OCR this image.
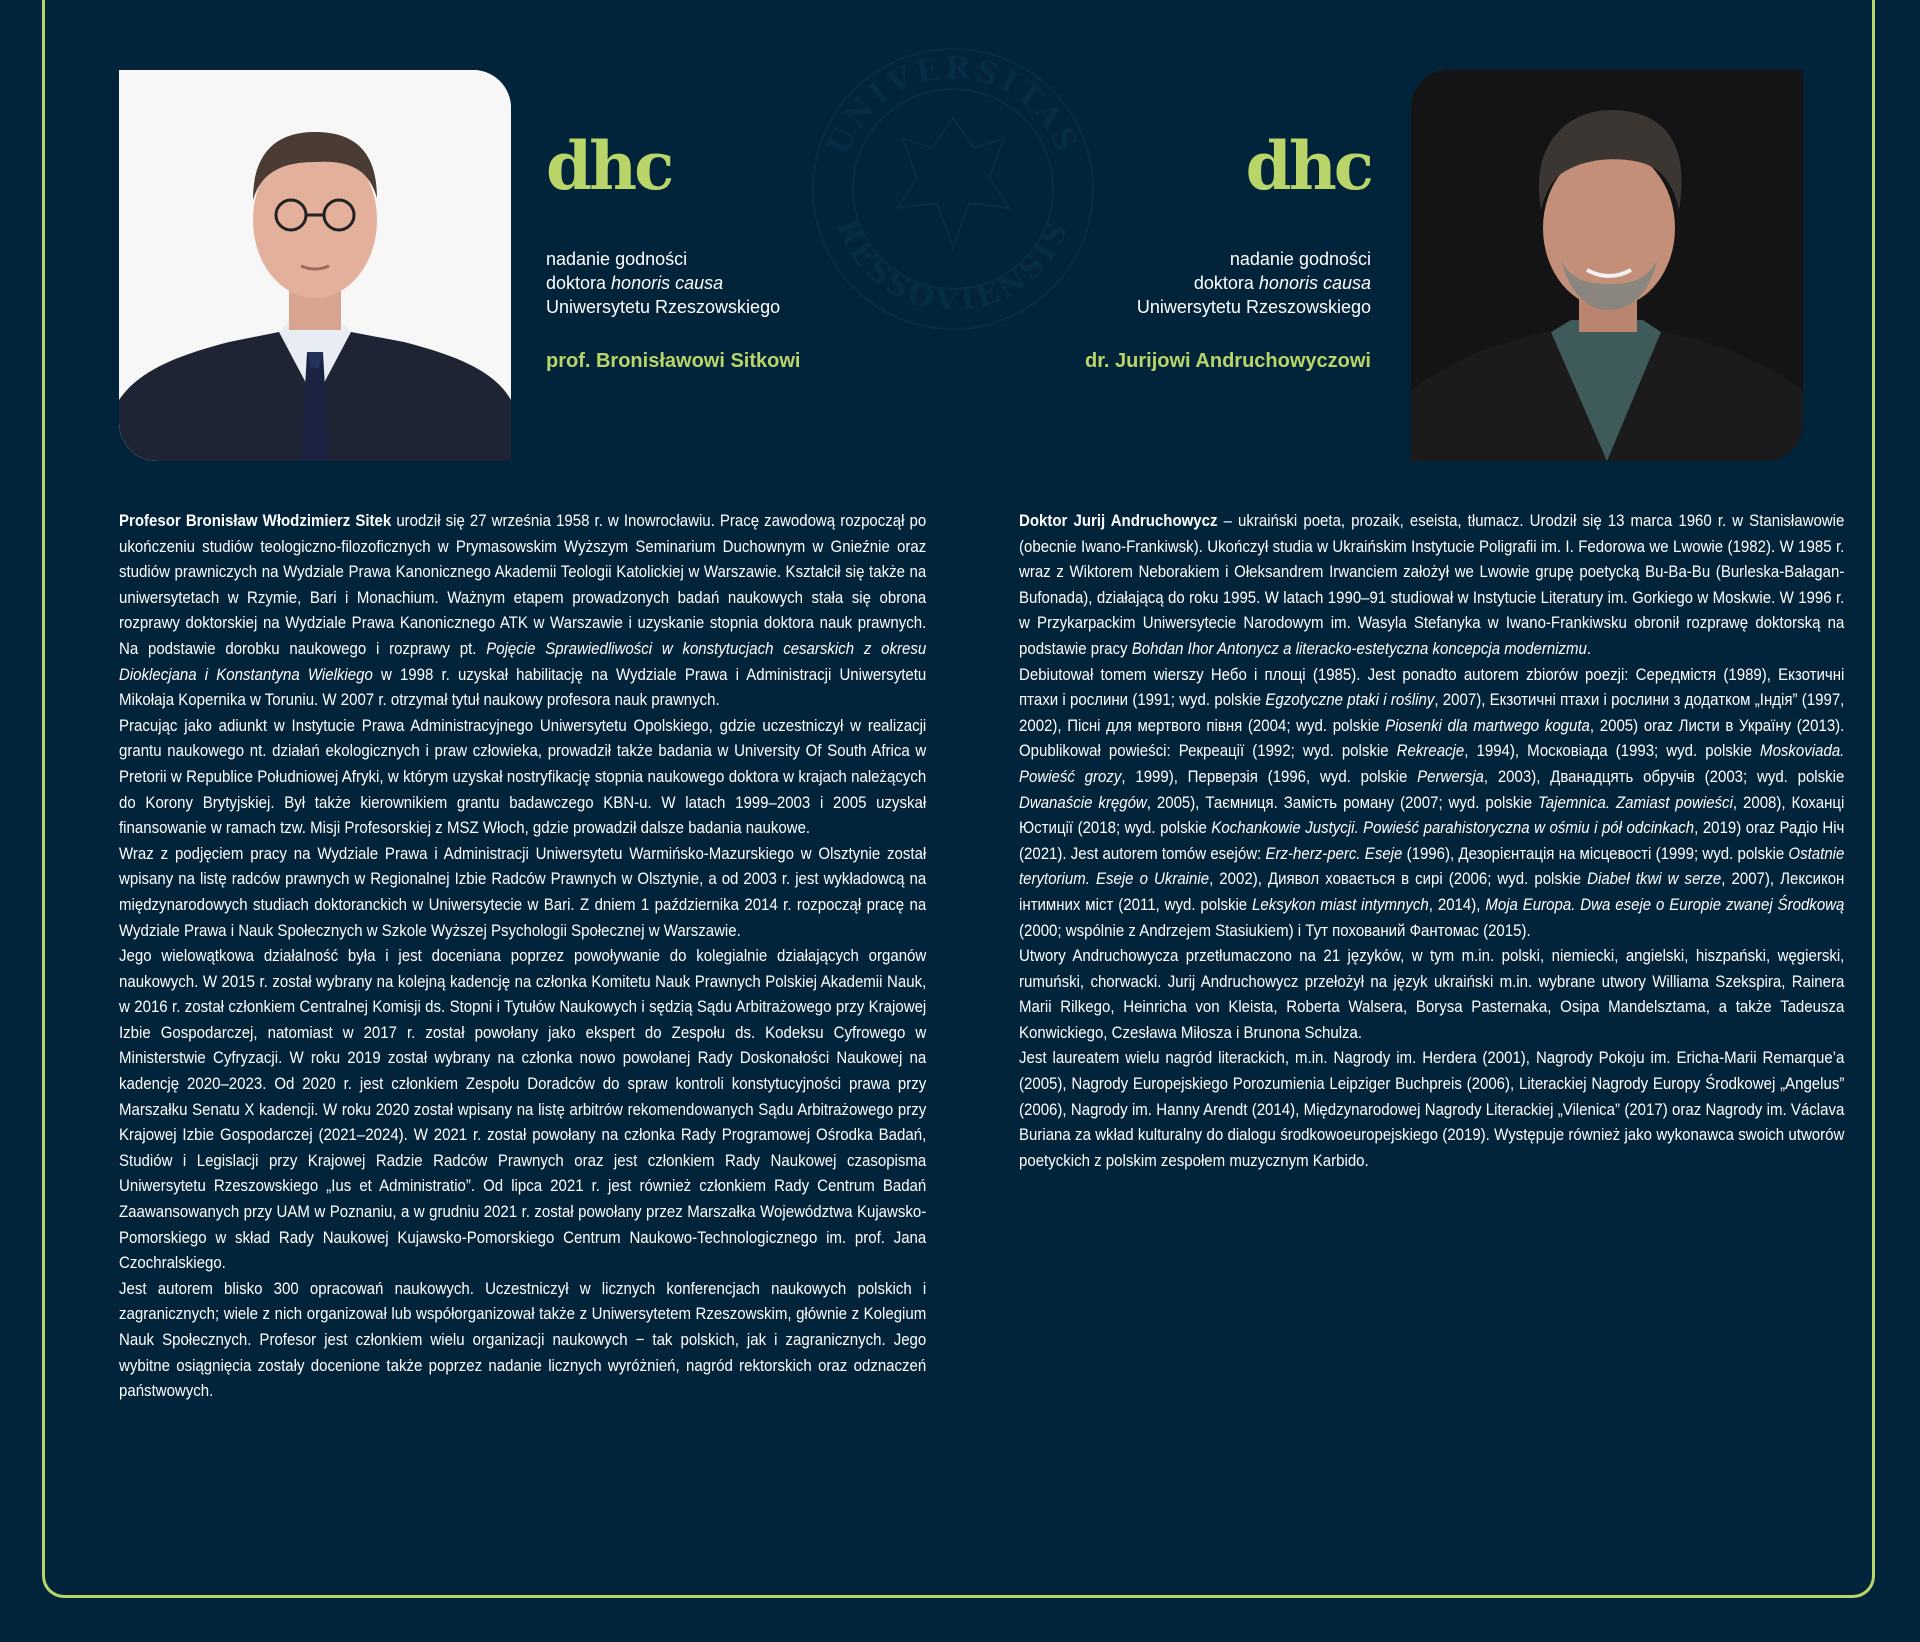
UNIVERSITAS
RESSOVIENSIS
dhc
nadanie godności
doktora honoris causa
Uniwersytetu Rzeszowskiego
prof. Bronisławowi Sitkowi
dhc
nadanie godności
doktora honoris causa
Uniwersytetu Rzeszowskiego
dr. Jurijowi Andruchowyczowi

Profesor Bronisław Włodzimierz Sitek urodził się 27 września 1958 r. w Inowrocławiu. Pracę zawodową rozpoczął po ukończeniu studiów teologiczno-filozoficznych w Prymasowskim Wyższym Seminarium Duchownym w Gnieźnie oraz studiów prawniczych na Wydziale Prawa Kanonicznego Akademii Teologii Katolickiej w Warszawie. Kształcił się także na uniwersytetach w Rzymie, Bari i Monachium. Ważnym etapem prowadzonych badań naukowych stała się obrona rozprawy doktorskiej na Wydziale Prawa Kanonicznego ATK w Warszawie i uzyskanie stopnia doktora nauk prawnych. Na podstawie dorobku naukowego i rozprawy pt. Pojęcie Sprawiedliwości w konstytucjach cesarskich z okresu Dioklecjana i Konstantyna Wielkiego w 1998 r. uzyskał habilitację na Wydziale Prawa i Administracji Uniwersytetu Mikołaja Kopernika w Toruniu. W 2007 r. otrzymał tytuł naukowy profesora nauk prawnych.

Pracując jako adiunkt w Instytucie Prawa Administracyjnego Uniwersytetu Opolskiego, gdzie uczestniczył w realizacji grantu naukowego nt. działań ekologicznych i praw człowieka, prowadził także badania w University Of South Africa w Pretorii w Republice Południowej Afryki, w którym uzyskał nostryfikację stopnia naukowego doktora w krajach należących do Korony Brytyjskiej. Był także kierownikiem grantu badawczego KBN-u. W latach 1999–2003 i 2005 uzyskał finansowanie w ramach tzw. Misji Profesorskiej z MSZ Włoch, gdzie prowadził dalsze badania naukowe.

Wraz z podjęciem pracy na Wydziale Prawa i Administracji Uniwersytetu Warmińsko-Mazurskiego w Olsztynie został wpisany na listę radców prawnych w Regionalnej Izbie Radców Prawnych w Olsztynie, a od 2003 r. jest wykładowcą na międzynarodowych studiach doktoranckich w Uniwersytecie w Bari. Z dniem 1 października 2014 r. rozpoczął pracę na Wydziale Prawa i Nauk Społecznych w Szkole Wyższej Psychologii Społecznej w Warszawie.

Jego wielowątkowa działalność była i jest doceniana poprzez powoływanie do kolegialnie działających organów naukowych. W 2015 r. został wybrany na kolejną kadencję na członka Komitetu Nauk Prawnych Polskiej Akademii Nauk, w 2016 r. został członkiem Centralnej Komisji ds. Stopni i Tytułów Naukowych i sędzią Sądu Arbitrażowego przy Krajowej Izbie Gospodarczej, natomiast w 2017 r. został powołany jako ekspert do Zespołu ds. Kodeksu Cyfrowego w Ministerstwie Cyfryzacji. W roku 2019 został wybrany na członka nowo powołanej Rady Doskonałości Naukowej na kadencję 2020–2023. Od 2020 r. jest członkiem Zespołu Doradców do spraw kontroli konstytucyjności prawa przy Marszałku Senatu X kadencji. W roku 2020 został wpisany na listę arbitrów rekomendowanych Sądu Arbitrażowego przy Krajowej Izbie Gospodarczej (2021–2024). W 2021 r. został powołany na członka Rady Programowej Ośrodka Badań, Studiów i Legislacji przy Krajowej Radzie Radców Prawnych oraz jest członkiem Rady Naukowej czasopisma Uniwersytetu Rzeszowskiego „Ius et Administratio”. Od lipca 2021 r. jest również członkiem Rady Centrum Badań Zaawansowanych przy UAM w Poznaniu, a w grudniu 2021 r. został powołany przez Marszałka Województwa Kujawsko-Pomorskiego w skład Rady Naukowej Kujawsko-Pomorskiego Centrum Naukowo-Technologicznego im. prof. Jana Czochralskiego.

Jest autorem blisko 300 opracowań naukowych. Uczestniczył w licznych konferencjach naukowych polskich i zagranicznych; wiele z nich organizował lub współorganizował także z Uniwersytetem Rzeszowskim, głównie z Kolegium Nauk Społecznych. Profesor jest członkiem wielu organizacji naukowych − tak polskich, jak i zagranicznych. Jego wybitne osiągnięcia zostały docenione także poprzez nadanie licznych wyróżnień, nagród rektorskich oraz odznaczeń państwowych.

Doktor Jurij Andruchowycz – ukraiński poeta, prozaik, eseista, tłumacz. Urodził się 13 marca 1960 r. w Stanisławowie (obecnie Iwano-Frankiwsk). Ukończył studia w Ukraińskim Instytucie Poligrafii im. I. Fedorowa we Lwowie (1982). W 1985 r. wraz z Wiktorem Neborakiem i Ołeksandrem Irwanciem założył we Lwowie grupę poetycką Bu-Ba-Bu (Burleska-Bałagan-Bufonada), działającą do roku 1995. W latach 1990–91 studiował w Instytucie Literatury im. Gorkiego w Moskwie. W 1996 r. w Przykarpackim Uniwersytecie Narodowym im. Wasyla Stefanyka w Iwano-Frankiwsku obronił rozprawę doktorską na podstawie pracy Bohdan Ihor Antonycz a literacko-estetyczna koncepcja modernizmu.

Debiutował tomem wierszy Небо і площі (1985). Jest ponadto autorem zbiorów poezji: Середмістя (1989), Екзотичні птахи і рослини (1991; wyd. polskie Egzotyczne ptaki i rośliny, 2007), Екзотичні птахи і рослини з додатком „Індія” (1997, 2002), Пісні для мертвого півня (2004; wyd. polskie Piosenki dla martwego koguta, 2005) oraz Листи в Україну (2013). Opublikował powieści: Рекреації (1992; wyd. polskie Rekreacje, 1994), Московіада (1993; wyd. polskie Moskoviada. Powieść grozy, 1999), Перверзія (1996, wyd. polskie Perwersja, 2003), Дванадцять обручів (2003; wyd. polskie Dwanaście kręgów, 2005), Таємниця. Замість роману (2007; wyd. polskie Tajemnica. Zamiast powieści, 2008), Коханці Юстиції (2018; wyd. polskie Kochankowie Justycji. Powieść parahistoryczna w ośmiu i pół odcinkach, 2019) oraz Радіо Ніч (2021). Jest autorem tomów esejów: Erz-herz-perc. Eseje (1996), Дезорієнтація на місцевості (1999; wyd. polskie Ostatnie terytorium. Eseje o Ukrainie, 2002), Диявол ховається в сирі (2006; wyd. polskie Diabeł tkwi w serze, 2007), Лексикон інтимних міст (2011, wyd. polskie Leksykon miast intymnych, 2014), Moja Europa. Dwa eseje o Europie zwanej Środkową (2000; wspólnie z Andrzejem Stasiukiem) i Тут похований Фантомас (2015).

Utwory Andruchowycza przetłumaczono na 21 języków, w tym m.in. polski, niemiecki, angielski, hiszpański, węgierski, rumuński, chorwacki. Jurij Andruchowycz przełożył na język ukraiński m.in. wybrane utwory Williama Szekspira, Rainera Marii Rilkego, Heinricha von Kleista, Roberta Walsera, Borysa Pasternaka, Osipa Mandelsztama, a także Tadeusza Konwickiego, Czesława Miłosza i Brunona Schulza.

Jest laureatem wielu nagród literackich, m.in. Nagrody im. Herdera (2001), Nagrody Pokoju im. Ericha-Marii Remarque’a (2005), Nagrody Europejskiego Porozumienia Leipziger Buchpreis (2006), Literackiej Nagrody Europy Środkowej „Angelus” (2006), Nagrody im. Hanny Arendt (2014), Międzynarodowej Nagrody Literackiej „Vilenica” (2017) oraz Nagrody im. Václava Buriana za wkład kulturalny do dialogu środkowoeuropejskiego (2019). Występuje również jako wykonawca swoich utworów poetyckich z polskim zespołem muzycznym Karbido.
